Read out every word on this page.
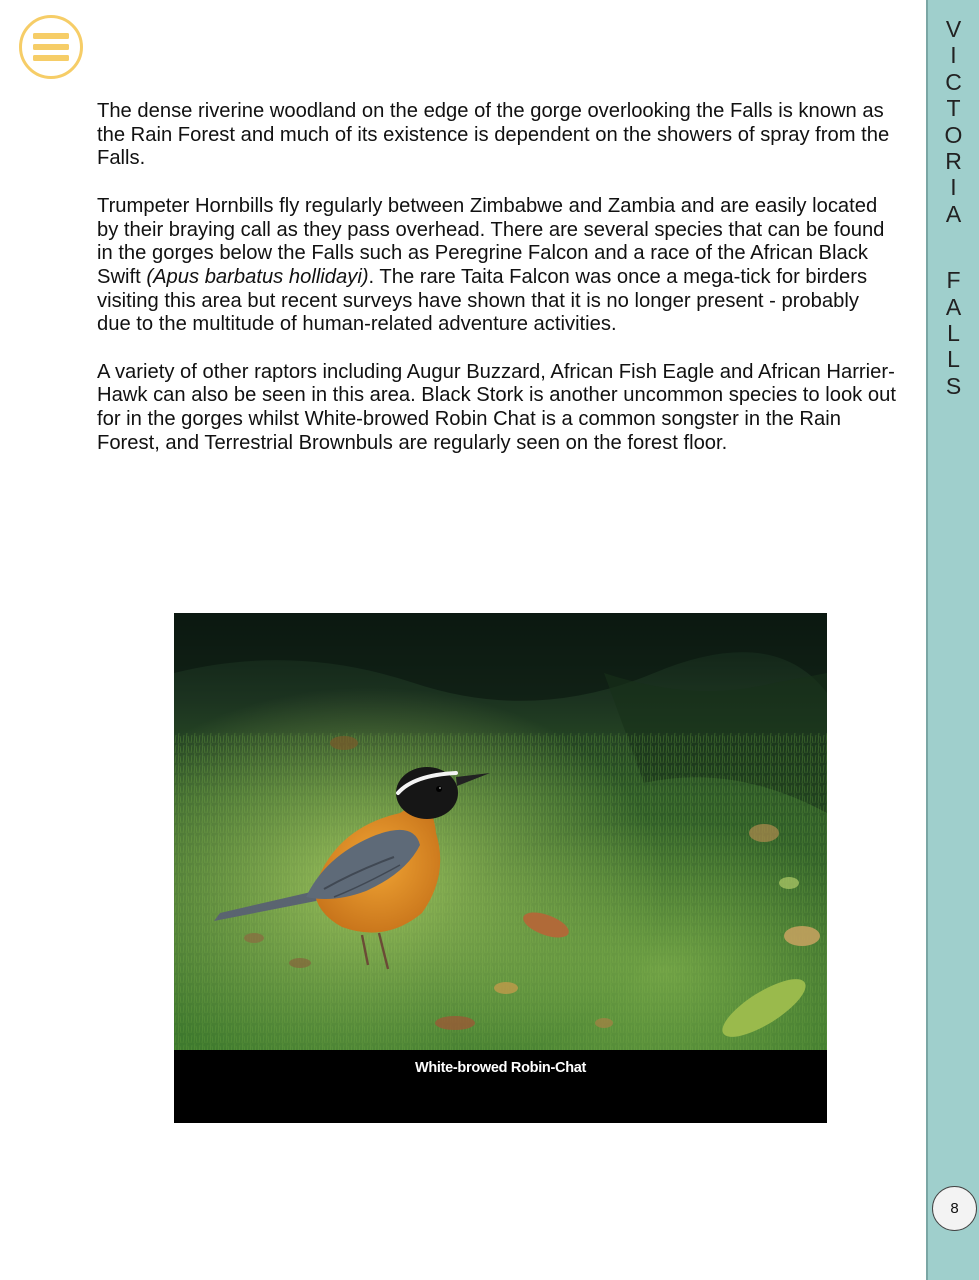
The dense riverine woodland on the edge of the gorge overlooking the Falls is known as the Rain Forest and much of its existence is dependent on the showers of spray from the Falls.

Trumpeter Hornbills fly regularly between Zimbabwe and Zambia and are easily located by their braying call as they pass overhead. There are several species that can be found in the gorges below the Falls such as Peregrine Falcon and a race of the African Black Swift (Apus barbatus hollidayi). The rare Taita Falcon was once a mega-tick for birders visiting this area but recent surveys have shown that it is no longer present - probably due to the multitude of human-related adventure activities.

A variety of other raptors including Augur Buzzard, African Fish Eagle and African Harrier-Hawk can also be seen in this area. Black Stork is another uncommon species to look out for in the gorges whilst White-browed Robin Chat is a common songster in the Rain Forest, and Terrestrial Brownbuls are regularly seen on the forest floor.

White-browed Robin-Chat
V
I
C
T
O
R
I
A
F
A
L
L
S
8
